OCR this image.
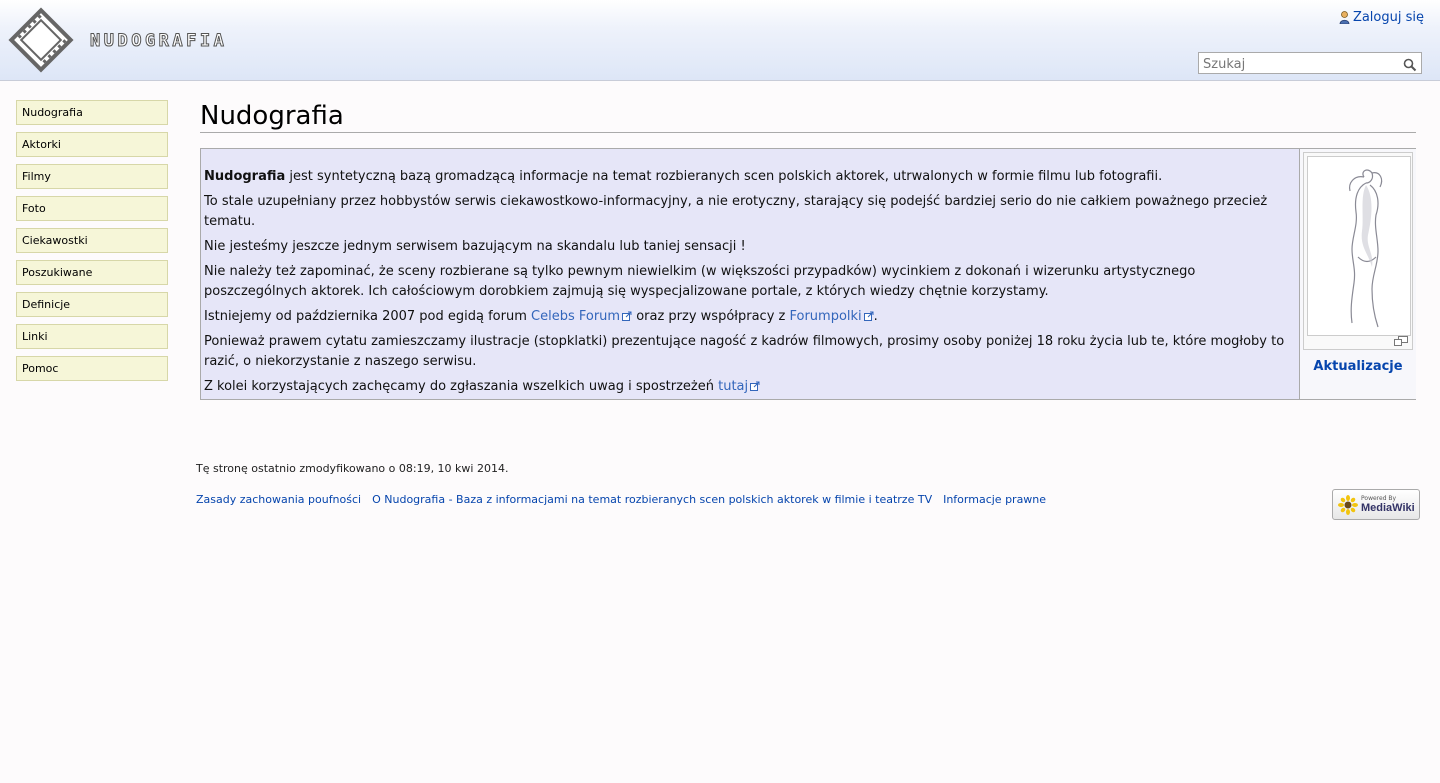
NUDOGRAFIA
Zaloguj się
Szukaj
Nudografia
Aktorki
Filmy
Foto
Ciekawostki
Poszukiwane
Definicje
Linki
Pomoc
Nudografia

Nudografia jest syntetyczną bazą gromadzącą informacje na temat rozbieranych scen polskich aktorek, utrwalonych w formie filmu lub fotografii.

To stale uzupełniany przez hobbystów serwis ciekawostkowo-informacyjny, a nie erotyczny, starający się podejść bardziej serio do nie całkiem poważnego przecież tematu.

Nie jesteśmy jeszcze jednym serwisem bazującym na skandalu lub taniej sensacji !

Nie należy też zapominać, że sceny rozbierane są tylko pewnym niewielkim (w większości przypadków) wycinkiem z dokonań i wizerunku artystycznego poszczególnych aktorek. Ich całościowym dorobkiem zajmują się wyspecjalizowane portale, z których wiedzy chętnie korzystamy.

Istniejemy od października 2007 pod egidą forum Celebs Forum oraz przy współpracy z Forumpolki .

Ponieważ prawem cytatu zamieszczamy ilustracje (stopklatki) prezentujące nagość z kadrów filmowych, prosimy osoby poniżej 18 roku życia lub te, które mogłoby to razić, o niekorzystanie z naszego serwisu.

Z kolei korzystających zachęcamy do zgłaszania wszelkich uwag i spostrzeżeń tutaj

Aktualizacje
Tę stronę ostatnio zmodyfikowano o 08:19, 10 kwi 2014.
Zasady zachowania poufności O Nudografia - Baza z informacjami na temat rozbieranych scen polskich aktorek w filmie i teatrze TV Informacje prawne	Powered By
MediaWiki
